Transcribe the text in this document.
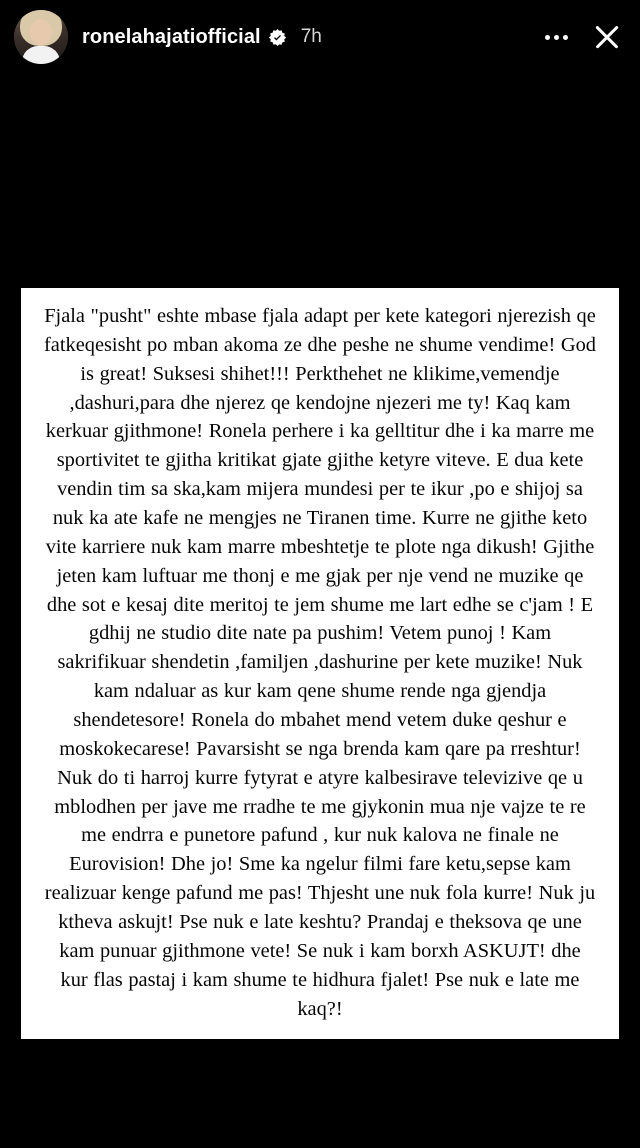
ronelahajatiofficial 7h

Fjala "pusht" eshte mbase fjala adapt per kete kategori njerezish qe fatkeqesisht po mban akoma ze dhe peshe ne shume vendime! God is great! Suksesi shihet!!! Perkthehet ne klikime,vemendje ,dashuri,para dhe njerez qe kendojne njezeri me ty! Kaq kam kerkuar gjithmone! Ronela perhere i ka gelltitur dhe i ka marre me sportivitet te gjitha kritikat gjate gjithe ketyre viteve. E dua kete vendin tim sa ska,kam mijera mundesi per te ikur ,po e shijoj sa nuk ka ate kafe ne mengjes ne Tiranen time. Kurre ne gjithe keto vite karriere nuk kam marre mbeshtetje te plote nga dikush! Gjithe jeten kam luftuar me thonj e me gjak per nje vend ne muzike qe dhe sot e kesaj dite meritoj te jem shume me lart edhe se c'jam ! E gdhij ne studio dite nate pa pushim! Vetem punoj ! Kam sakrifikuar shendetin ,familjen ,dashurine per kete muzike! Nuk kam ndaluar as kur kam qene shume rende nga gjendja shendetesore! Ronela do mbahet mend vetem duke qeshur e moskokecarese! Pavarsisht se nga brenda kam qare pa rreshtur! Nuk do ti harroj kurre fytyrat e atyre kalbesirave televizive qe u mblodhen per jave me rradhe te me gjykonin mua nje vajze te re me endrra e punetore pafund , kur nuk kalova ne finale ne Eurovision! Dhe jo! Sme ka ngelur filmi fare ketu,sepse kam realizuar kenge pafund me pas! Thjesht une nuk fola kurre! Nuk ju ktheva askujt! Pse nuk e late keshtu? Prandaj e theksova qe une kam punuar gjithmone vete! Se nuk i kam borxh ASKUJT! dhe kur flas pastaj i kam shume te hidhura fjalet! Pse nuk e late me kaq?!
